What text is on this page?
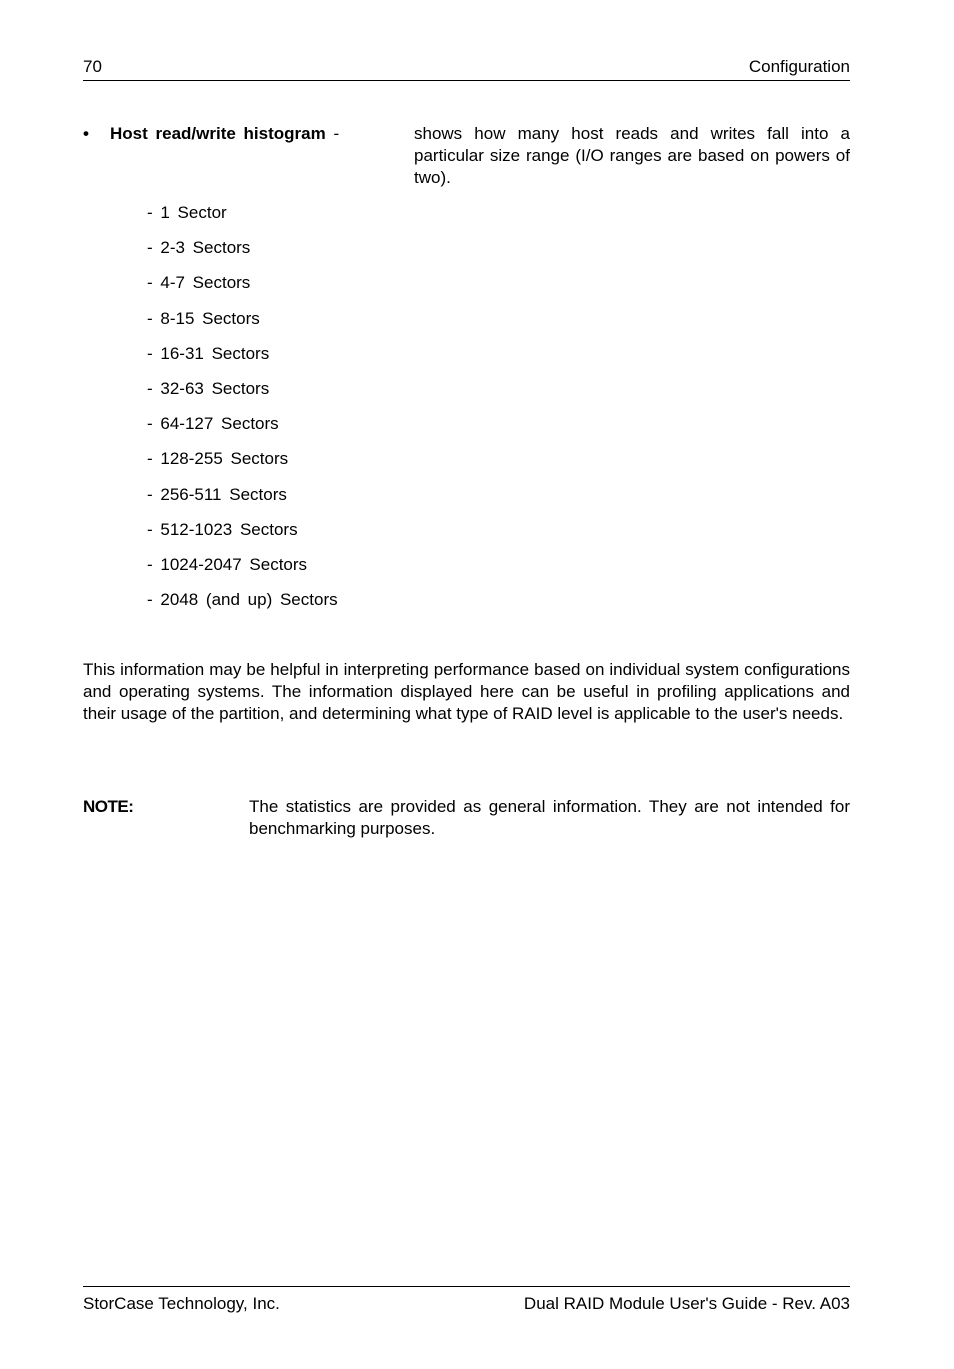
70	Configuration
• Host read/write histogram -	shows how many host reads and writes fall into a particular size range (I/O ranges are based on powers of two).
- 1 Sector
- 2-3 Sectors
- 4-7 Sectors
- 8-15 Sectors
- 16-31 Sectors
- 32-63 Sectors
- 64-127 Sectors
- 128-255 Sectors
- 256-511 Sectors
- 512-1023 Sectors
- 1024-2047 Sectors
- 2048 (and up) Sectors

This information may be helpful in interpreting performance based on individual system configurations and operating systems. The information displayed here can be useful in profiling applications and their usage of the partition, and determining what type of RAID level is applicable to the user's needs.

NOTE:	The statistics are provided as general information. They are not intended for benchmarking purposes.
StorCase Technology, Inc.	Dual RAID Module User's Guide - Rev. A03
